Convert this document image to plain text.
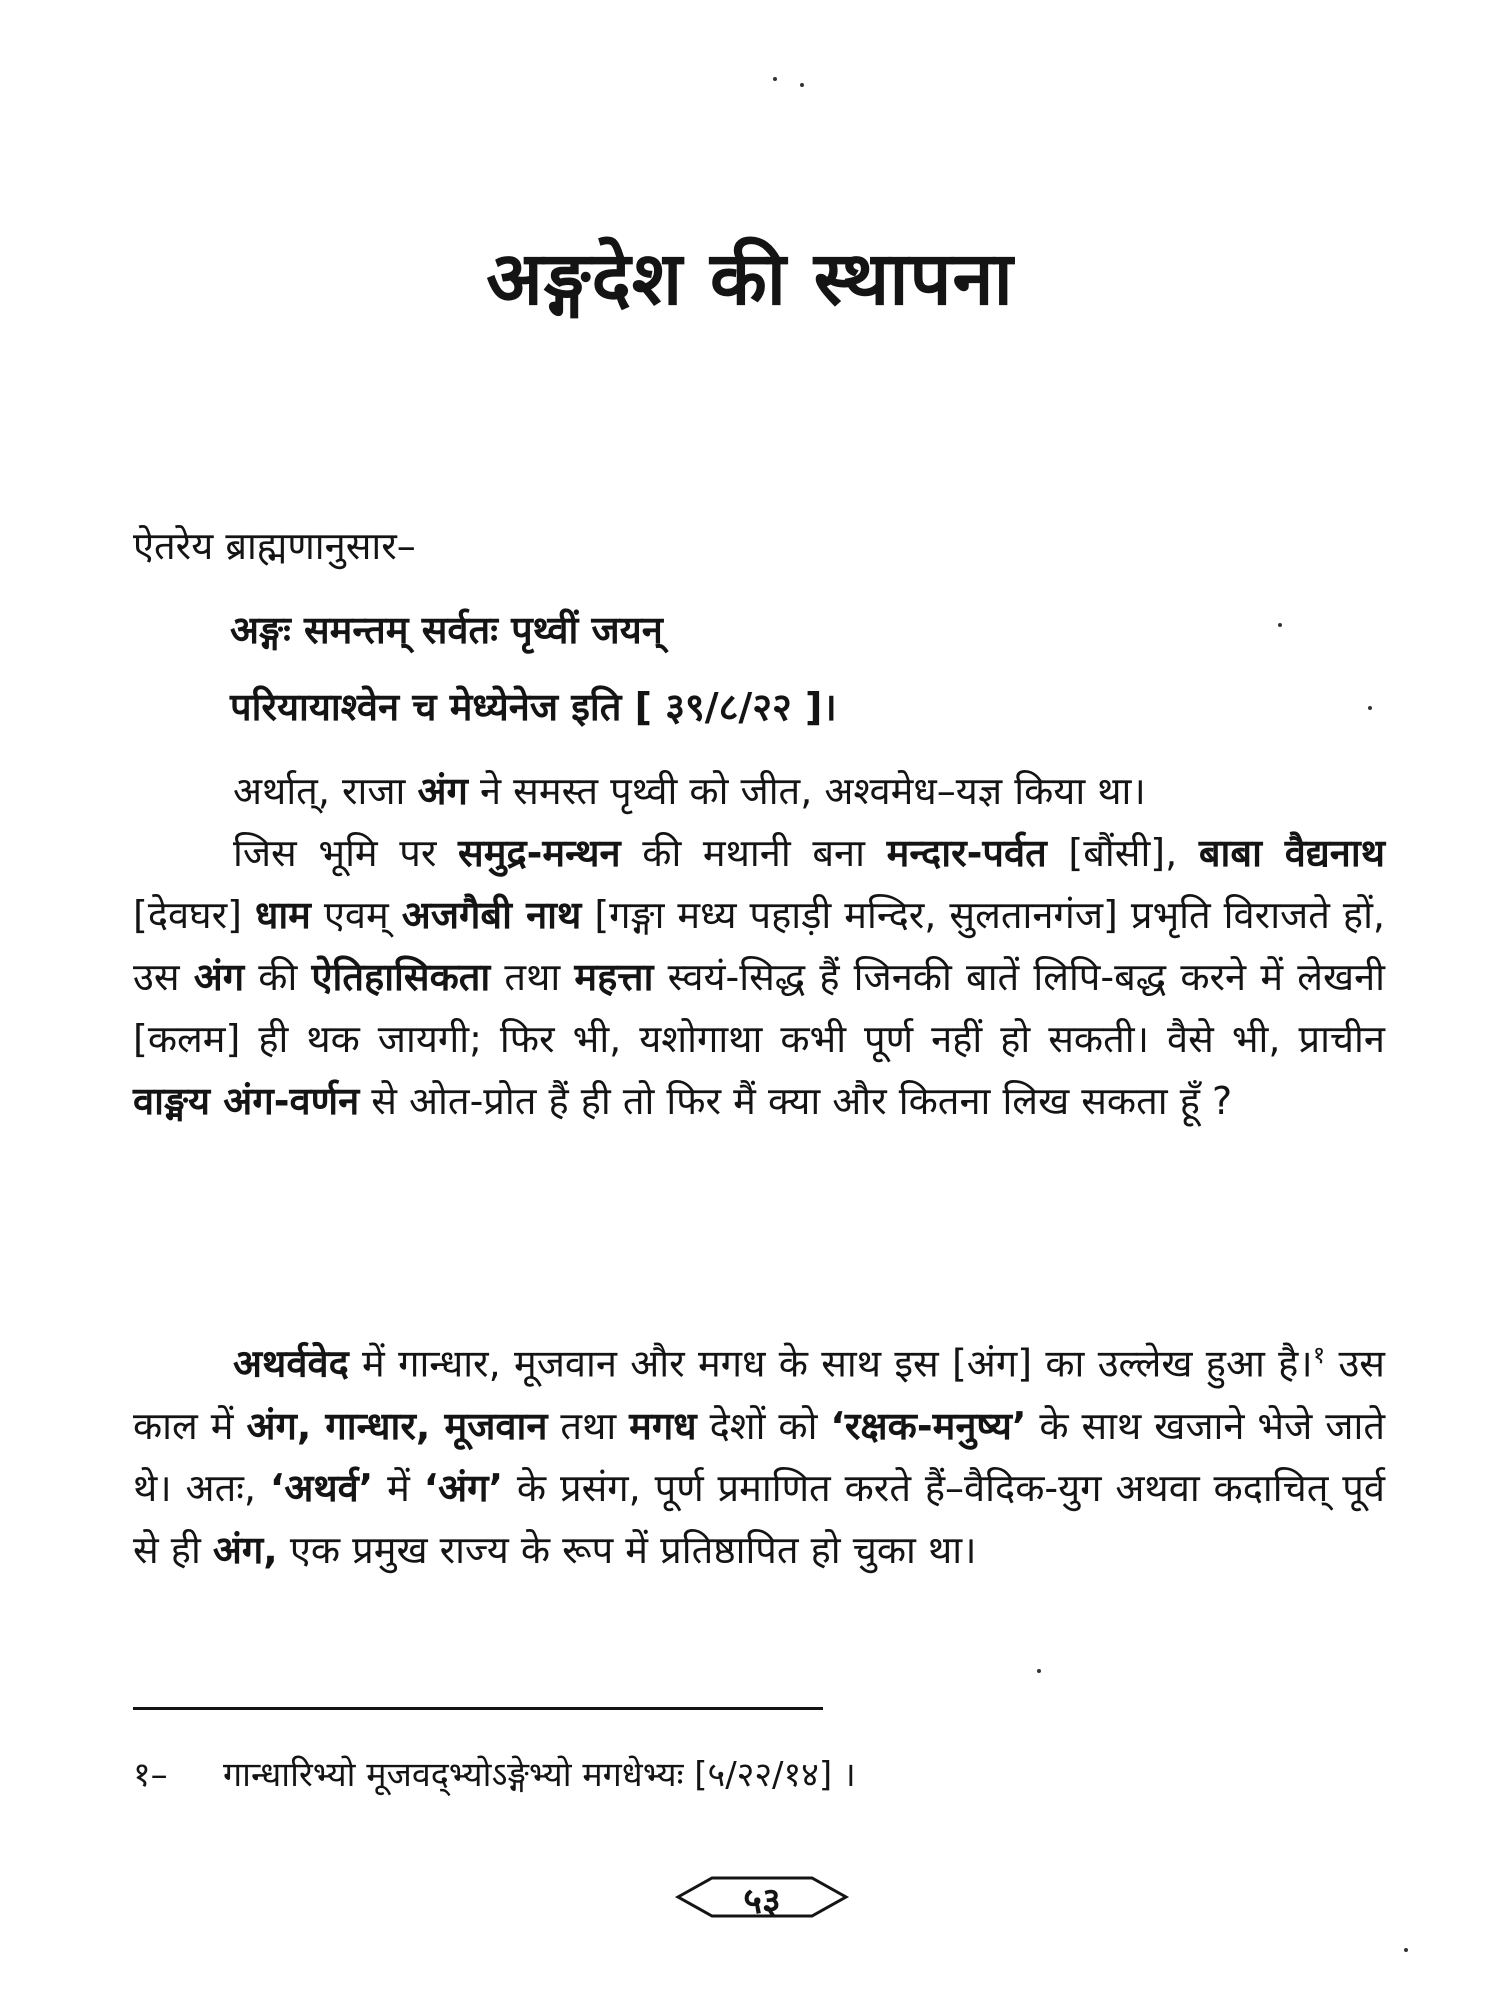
अङ्गदेश की स्थापना
ऐतरेय ब्राह्मणानुसार–
अङ्गः समन्तम् सर्वतः पृथ्वीं जयन्
परियायाश्वेन च मेध्येनेज इति [ ३९/८/२२ ]।

अर्थात्, राजा अंग ने समस्त पृथ्वी को जीत, अश्वमेध–यज्ञ किया था।

जिस भूमि पर समुद्र-मन्थन की मथानी बना मन्दार-पर्वत [बौंसी], बाबा वैद्यनाथ [देवघर] धाम एवम् अजगैबी नाथ [गङ्गा मध्य पहाड़ी मन्दिर, सुलतानगंज] प्रभृति विराजते हों, उस अंग की ऐतिहासिकता तथा महत्ता स्वयं-सिद्ध हैं जिनकी बातें लिपि-बद्ध करने में लेखनी [कलम] ही थक जायगी; फिर भी, यशोगाथा कभी पूर्ण नहीं हो सकती। वैसे भी, प्राचीन वाङ्मय अंग-वर्णन से ओत-प्रोत हैं ही तो फिर मैं क्या और कितना लिख सकता हूँ ?

अथर्ववेद में गान्धार, मूजवान और मगध के साथ इस [अंग] का उल्लेख हुआ है।$^१$ उस काल में अंग, गान्धार, मूजवान तथा मगध देशों को ‘रक्षक-मनुष्य’ के साथ खजाने भेजे जाते थे। अतः, ‘अथर्व’ में ‘अंग’ के प्रसंग, पूर्ण प्रमाणित करते हैं–वैदिक-युग अथवा कदाचित् पूर्व से ही अंग, एक प्रमुख राज्य के रूप में प्रतिष्ठापित हो चुका था।

१– गान्धारिभ्यो मूजवद्भ्योऽङ्गेभ्यो मगधेभ्यः [५/२२/१४] ।
५३
